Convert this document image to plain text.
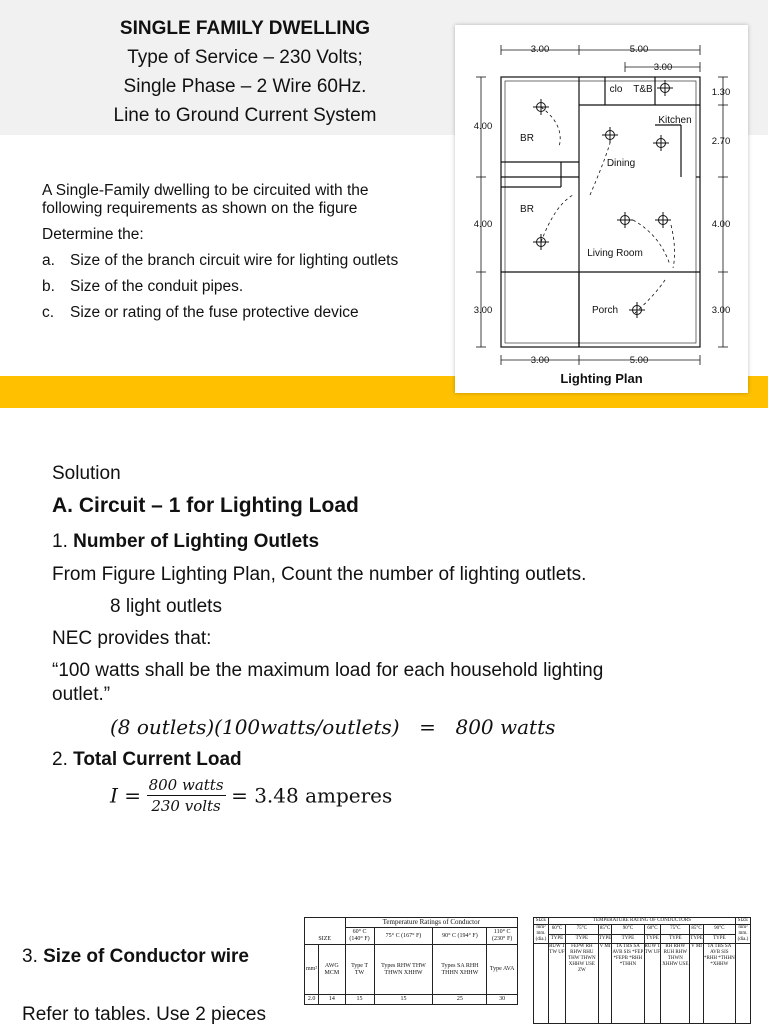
SINGLE FAMILY DWELLING
Type of Service – 230 Volts;
Single Phase – 2 Wire 60Hz.
Line to Ground Current System

A Single-Family dwelling to be circuited with the following requirements as shown on the figure

Determine the:

a. Size of the branch circuit wire for lighting outlets
b. Size of the conduit pipes.
c.	Size or rating of the fuse protective device
3.00	5.00
3.00
4.00
4.00
3.00
1.30
2.70
4.00
3.00
3.00	5.00
BR
BR
clo T&B
Kitchen
Dining
Living Room
Porch
Lighting Plan
Solution
A. Circuit – 1 for Lighting Load
1. Number of Lighting Outlets
From Figure Lighting Plan, Count the number of lighting outlets.
8 light outlets
NEC provides that:
“100 watts shall be the maximum load for each household lighting
outlet.”
(8 outlets)(100watts/outlets) = 800 watts
2. Total Current Load
$I = \frac{\text{800 watts}}{\text{230 volts}} = 3.48$ amperes
3. Size of Conductor wire
Refer to tables. Use 2 pieces
SIZE		Temperature Ratings of Conductor			
		60° C (140° F)	75° C (167° F)	90° C (194° F)	110° C (230° F)
mm²	AWG MCM	Type T TW	Types RHW THW THWN XHHW	Types SA RHH THHN XHHW	Type AVA
2.0	14	15	15	25	30
SIZE	TEMPERATURE RATING OF CONDUCTORS								SIZE
mm² mm.(dia.)	60°C	75°C	85°C	90°C	60°C	75°C	85°C	90°C	mm² mm.(dia.)
	TYPE	TYPE	TYPE	TYPE	TYPE	TYPE	TYPE	TYPE	
	RUW T TW UF	FEPW RH RHW RHU THW THWN XHHW USE ZW	V MI	TA TBS SA AVB SIS *FEP *FEPB *RHH *THHN	RUW T TW UF	RH RHW RUH RHW THWN XHHW USE	V MI	TA TBS SA AVB SIS *RHH *THHN *XHHW	
